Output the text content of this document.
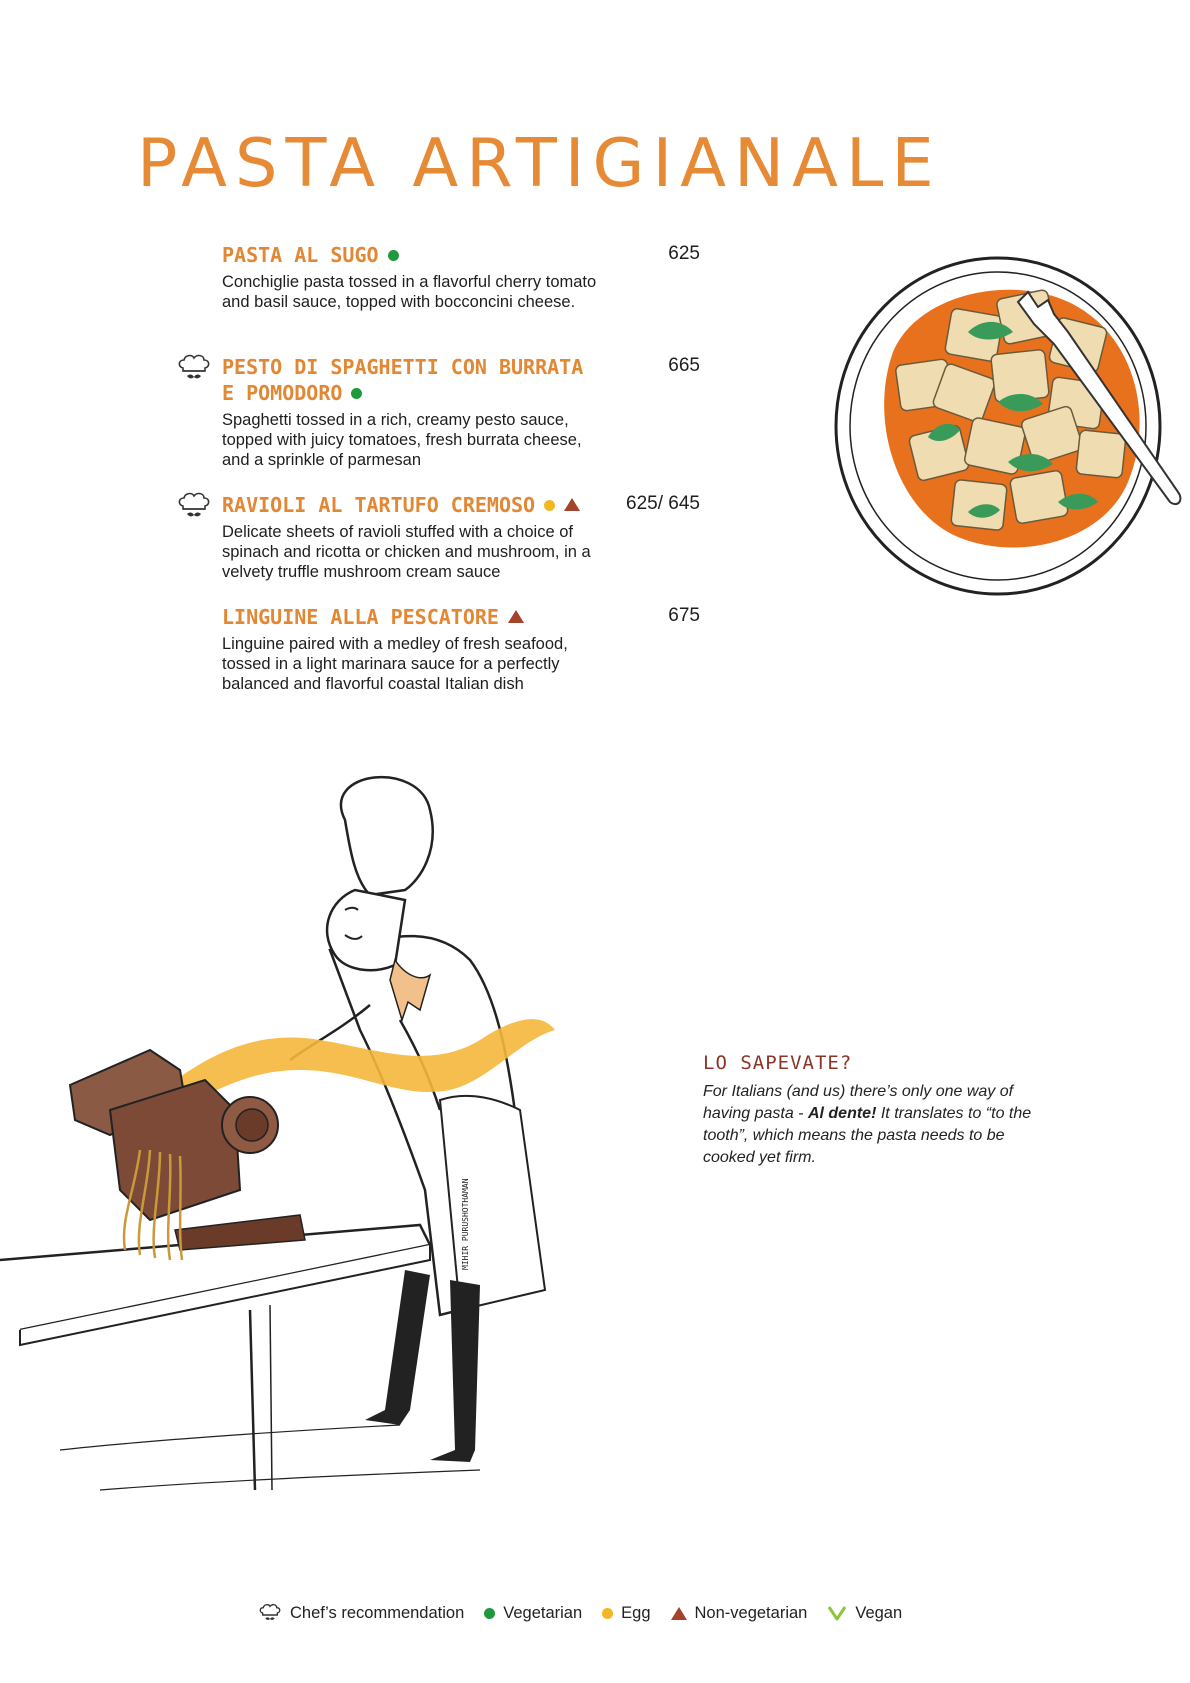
PASTA ARTIGIANALE
PASTA AL SUGO	625
Conchiglie pasta tossed in a flavorful cherry tomato and basil sauce, topped with bocconcini cheese.
PESTO DI SPAGHETTI CON BURRATA E POMODORO
665
Spaghetti tossed in a rich, creamy pesto sauce, topped with juicy tomatoes, fresh burrata cheese, and a sprinkle of parmesan
RAVIOLI AL TARTUFO CREMOSO	625/ 645
Delicate sheets of ravioli stuffed with a choice of spinach and ricotta or chicken and mushroom, in a velvety truffle mushroom cream sauce
LINGUINE ALLA PESCATORE	675
Linguine paired with a medley of fresh seafood, tossed in a light marinara sauce for a perfectly balanced and flavorful coastal Italian dish
MIHIR PURUSHOTHAMAN
LO SAPEVATE?
For Italians (and us) there’s only one way of having pasta - Al dente! It translates to “to the tooth”, which means the pasta needs to be cooked yet firm.
Chef’s recommendation Vegetarian Egg	Non-vegetarian	Vegan
